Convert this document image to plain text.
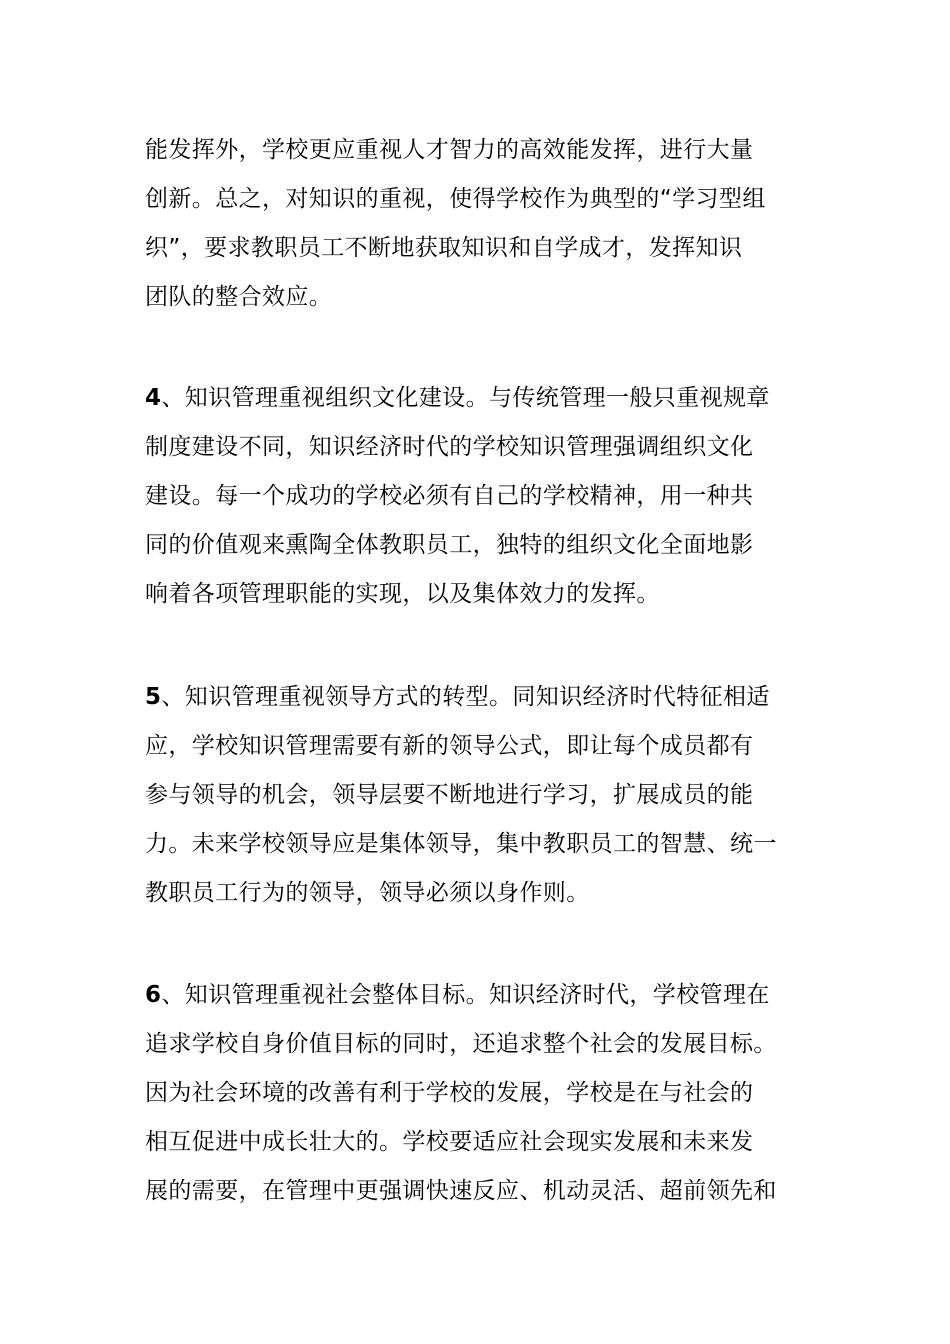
能发挥外，学校更应重视人才智力的高效能发挥，进行大量
创新。总之，对知识的重视，使得学校作为典型的“学习型组
织”，要求教职员工不断地获取知识和自学成才，发挥知识
团队的整合效应。
4、知识管理重视组织文化建设。与传统管理一般只重视规章
制度建设不同，知识经济时代的学校知识管理强调组织文化
建设。每一个成功的学校必须有自己的学校精神，用一种共
同的价值观来熏陶全体教职员工，独特的组织文化全面地影
响着各项管理职能的实现，以及集体效力的发挥。
5、知识管理重视领导方式的转型。同知识经济时代特征相适
应，学校知识管理需要有新的领导公式，即让每个成员都有
参与领导的机会，领导层要不断地进行学习，扩展成员的能
力。未来学校领导应是集体领导，集中教职员工的智慧、统一
教职员工行为的领导，领导必须以身作则。
6、知识管理重视社会整体目标。知识经济时代，学校管理在
追求学校自身价值目标的同时，还追求整个社会的发展目标。
因为社会环境的改善有利于学校的发展，学校是在与社会的
相互促进中成长壮大的。学校要适应社会现实发展和未来发
展的需要，在管理中更强调快速反应、机动灵活、超前领先和
